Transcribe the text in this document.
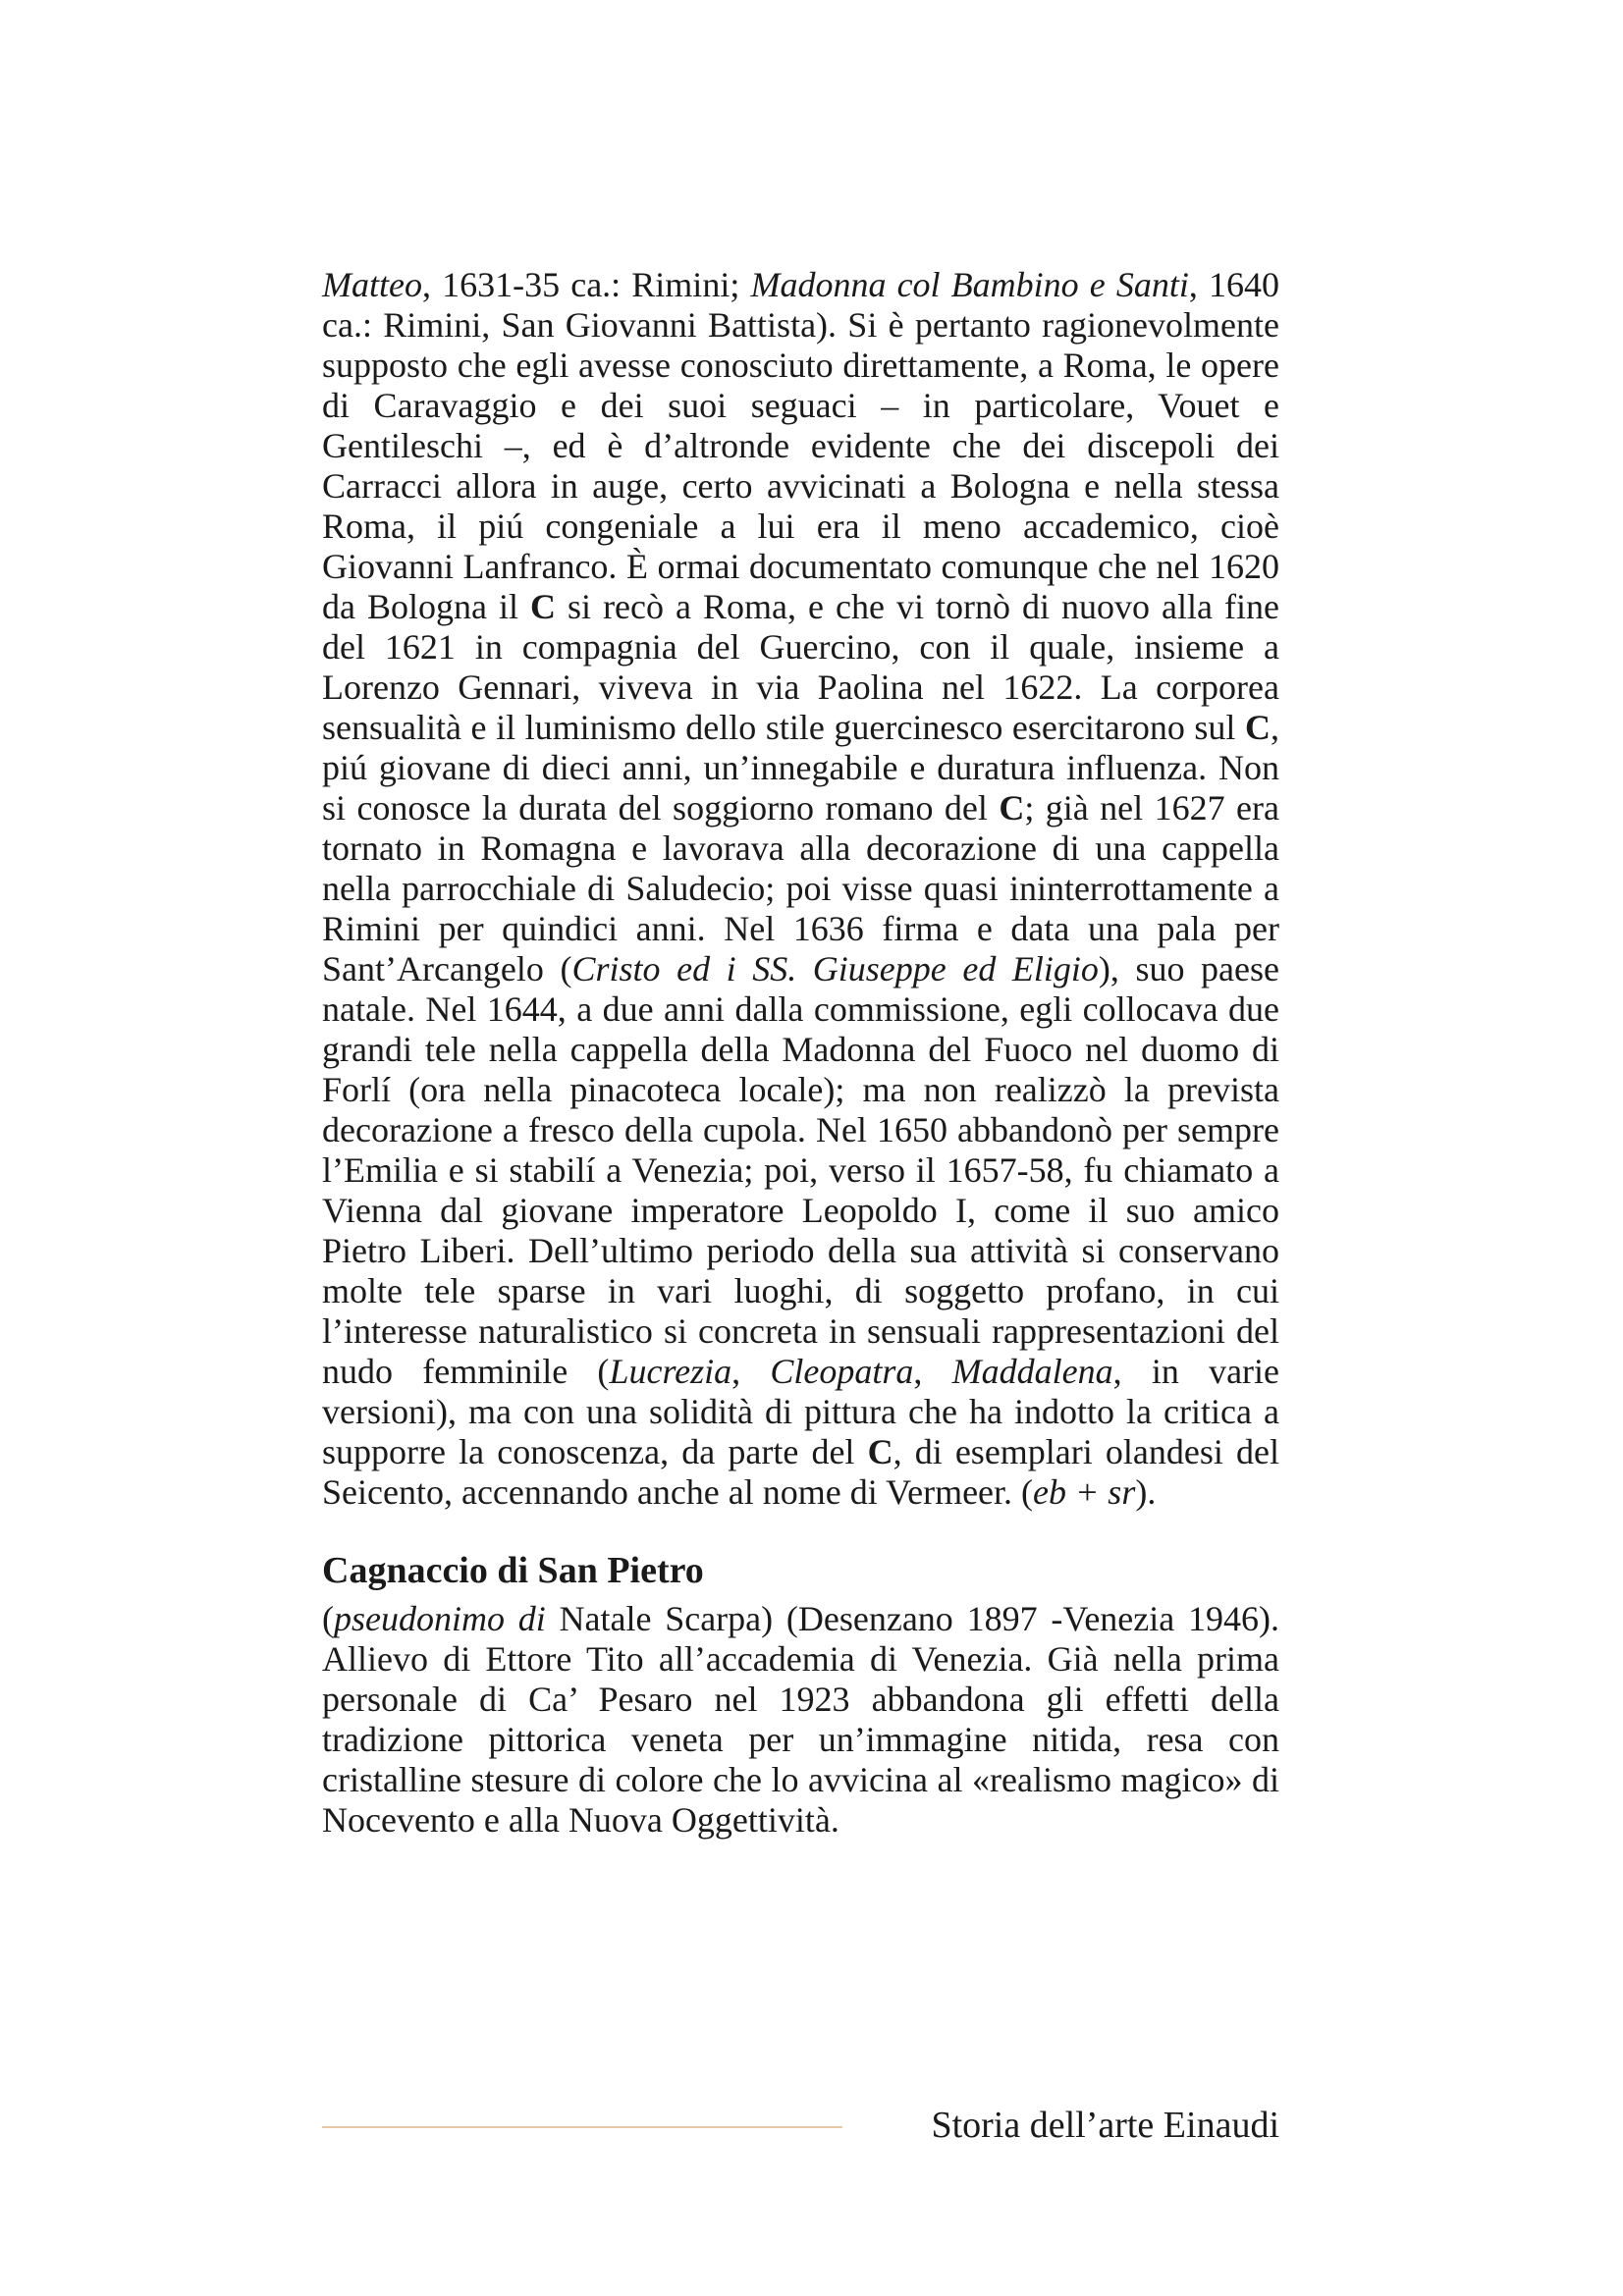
Matteo, 1631-35 ca.: Rimini; Madonna col Bambino e Santi, 1640 ca.: Rimini, San Giovanni Battista). Si è pertanto ragionevolmente supposto che egli avesse conosciuto direttamente, a Roma, le opere di Caravaggio e dei suoi seguaci – in particolare, Vouet e Gentileschi –, ed è d’altronde evidente che dei discepoli dei Carracci allora in auge, certo avvicinati a Bologna e nella stessa Roma, il piú congeniale a lui era il meno accademico, cioè Giovanni Lanfranco. È ormai documentato comunque che nel 1620 da Bologna il C si recò a Roma, e che vi tornò di nuovo alla fine del 1621 in compagnia del Guercino, con il quale, insieme a Lorenzo Gennari, viveva in via Paolina nel 1622. La corporea sensualità e il luminismo dello stile guercinesco esercitarono sul C, piú giovane di dieci anni, un’innegabile e duratura influenza. Non si conosce la durata del soggiorno romano del C; già nel 1627 era tornato in Romagna e lavorava alla decorazione di una cappella nella parrocchiale di Saludecio; poi visse quasi ininterrottamente a Rimini per quindici anni. Nel 1636 firma e data una pala per Sant’Arcangelo (Cristo ed i SS. Giuseppe ed Eligio), suo paese natale. Nel 1644, a due anni dalla commissione, egli collocava due grandi tele nella cappella della Madonna del Fuoco nel duomo di Forlí (ora nella pinacoteca locale); ma non realizzò la prevista decorazione a fresco della cupola. Nel 1650 abbandonò per sempre l’Emilia e si stabilí a Venezia; poi, verso il 1657-58, fu chiamato a Vienna dal giovane imperatore Leopoldo I, come il suo amico Pietro Liberi. Dell’ultimo periodo della sua attività si conservano molte tele sparse in vari luoghi, di soggetto profano, in cui l’interesse naturalistico si concreta in sensuali rappresentazioni del nudo femminile (Lucrezia, Cleopatra, Maddalena, in varie versioni), ma con una solidità di pittura che ha indotto la critica a supporre la conoscenza, da parte del C, di esemplari olandesi del Seicento, accennando anche al nome di Vermeer. (eb + sr).

Cagnaccio di San Pietro

(pseudonimo di Natale Scarpa) (Desenzano 1897 -Venezia 1946). Allievo di Ettore Tito all’accademia di Venezia. Già nella prima personale di Ca’ Pesaro nel 1923 abbandona gli effetti della tradizione pittorica veneta per un’immagine nitida, resa con cristalline stesure di colore che lo avvicina al «realismo magico» di Nocevento e alla Nuova Oggettività.

Storia dell’arte Einaudi
